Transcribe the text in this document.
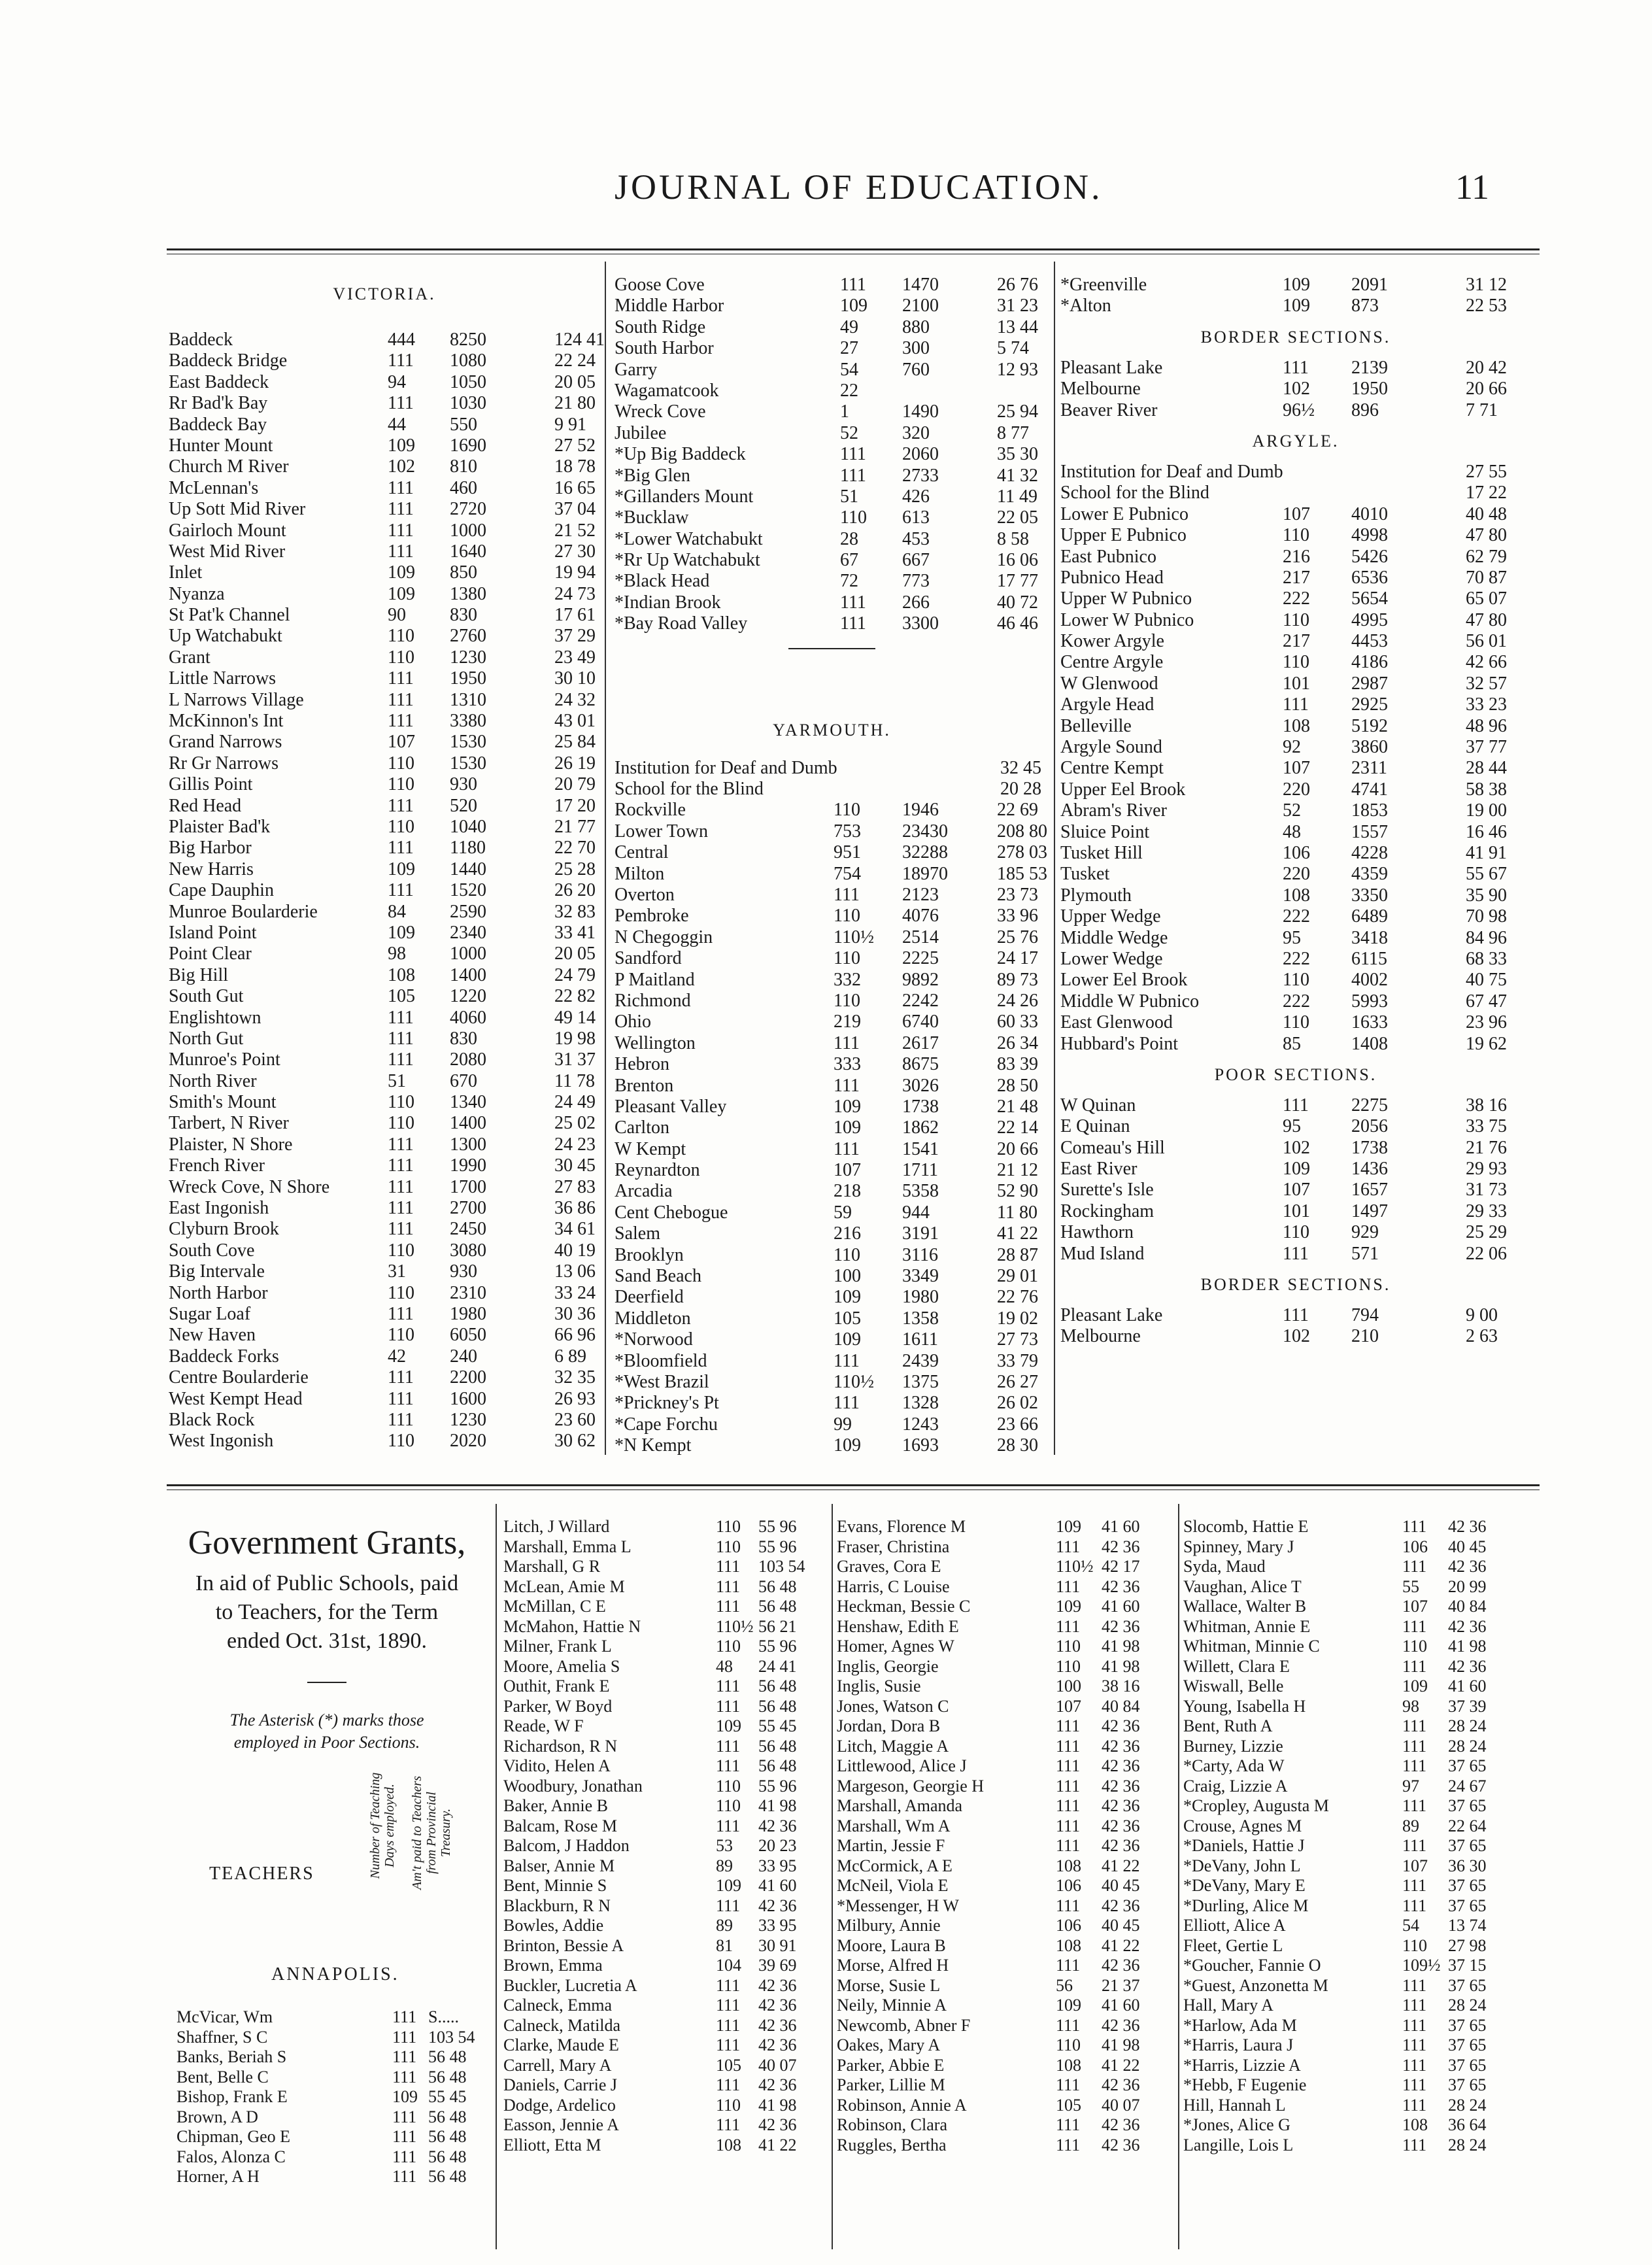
JOURNAL OF EDUCATION.	11
VICTORIA.
Baddeck	444 8250	124 41
Baddeck Bridge	111 1080	22 24
East Baddeck	94 1050	20 05
Rr Bad'k Bay	111 1030	21 80
Baddeck Bay	44 550	9 91
Hunter Mount	109 1690	27 52
Church M River	102 810	18 78
McLennan's	111 460	16 65
Up Sott Mid River	111 2720	37 04
Gairloch Mount	111 1000	21 52
West Mid River	111 1640	27 30
Inlet	109 850	19 94
Nyanza	109 1380	24 73
St Pat'k Channel	90 830	17 61
Up Watchabukt	110 2760	37 29
Grant	110 1230	23 49
Little Narrows	111 1950	30 10
L Narrows Village	111 1310	24 32
McKinnon's Int	111 3380	43 01
Grand Narrows	107 1530	25 84
Rr Gr Narrows	110 1530	26 19
Gillis Point	110 930	20 79
Red Head	111 520	17 20
Plaister Bad'k	110 1040	21 77
Big Harbor	111 1180	22 70
New Harris	109 1440	25 28
Cape Dauphin	111 1520	26 20
Munroe Boularderie	84 2590	32 83
Island Point	109 2340	33 41
Point Clear	98 1000	20 05
Big Hill	108 1400	24 79
South Gut	105 1220	22 82
Englishtown	111 4060	49 14
North Gut	111 830	19 98
Munroe's Point	111 2080	31 37
North River	51 670	11 78
Smith's Mount	110 1340	24 49
Tarbert, N River	110 1400	25 02
Plaister, N Shore	111 1300	24 23
French River	111 1990	30 45
Wreck Cove, N Shore	111 1700	27 83
East Ingonish	111 2700	36 86
Clyburn Brook	111 2450	34 61
South Cove	110 3080	40 19
Big Intervale	31 930	13 06
North Harbor	110 2310	33 24
Sugar Loaf	111 1980	30 36
New Haven	110 6050	66 96
Baddeck Forks	42 240	6 89
Centre Boularderie	111 2200	32 35
West Kempt Head	111 1600	26 93
Black Rock	111 1230	23 60
West Ingonish	110 2020	30 62
Goose Cove	111 1470	26 76
Middle Harbor	109 2100	31 23
South Ridge	49 880	13 44
South Harbor	27 300	5 74
Garry	54 760	12 93
Wagamatcook	22
Wreck Cove	1	1490	25 94
Jubilee	52 320	8 77
*Up Big Baddeck	111 2060	35 30
*Big Glen	111 2733	41 32
*Gillanders Mount	51 426	11 49
*Bucklaw	110 613	22 05
*Lower Watchabukt	28 453	8 58
*Rr Up Watchabukt	67 667	16 06
*Black Head	72 773	17 77
*Indian Brook	111 266	40 72
*Bay Road Valley	111 3300	46 46
YARMOUTH.
Institution for Deaf and Dumb	32 45
School for the Blind	20 28
Rockville	110 1946	22 69
Lower Town	753 23430	208 80
Central	951 32288	278 03
Milton	754 18970	185 53
Overton	111 2123	23 73
Pembroke	110 4076	33 96
N Chegoggin	110½ 2514	25 76
Sandford	110 2225	24 17
P Maitland	332 9892	89 73
Richmond	110 2242	24 26
Ohio	219 6740	60 33
Wellington	111 2617	26 34
Hebron	333 8675	83 39
Brenton	111 3026	28 50
Pleasant Valley	109 1738	21 48
Carlton	109 1862	22 14
W Kempt	111 1541	20 66
Reynardton	107 1711	21 12
Arcadia	218 5358	52 90
Cent Chebogue	59	944	11 80
Salem	216 3191	41 22
Brooklyn	110 3116	28 87
Sand Beach	100 3349	29 01
Deerfield	109 1980	22 76
Middleton	105 1358	19 02
*Norwood	109 1611	27 73
*Bloomfield	111 2439	33 79
*West Brazil	110½ 1375	26 27
*Prickney's Pt	111 1328	26 02
*Cape Forchu	99	1243	23 66
*N Kempt	109 1693	28 30
*Greenville	109 2091	31 12
*Alton	109 873	22 53
BORDER SECTIONS.
Pleasant Lake	111 2139	20 42
Melbourne	102 1950	20 66
Beaver River	96½ 896	7 71
ARGYLE.
Institution for Deaf and Dumb	27 55
School for the Blind	17 22
Lower E Pubnico	107 4010	40 48
Upper E Pubnico	110 4998	47 80
East Pubnico	216 5426	62 79
Pubnico Head	217 6536	70 87
Upper W Pubnico	222 5654	65 07
Lower W Pubnico	110 4995	47 80
Kower Argyle	217 4453	56 01
Centre Argyle	110 4186	42 66
W Glenwood	101 2987	32 57
Argyle Head	111 2925	33 23
Belleville	108 5192	48 96
Argyle Sound	92	3860	37 77
Centre Kempt	107 2311	28 44
Upper Eel Brook	220 4741	58 38
Abram's River	52	1853	19 00
Sluice Point	48	1557	16 46
Tusket Hill	106 4228	41 91
Tusket	220 4359	55 67
Plymouth	108 3350	35 90
Upper Wedge	222 6489	70 98
Middle Wedge	95	3418	84 96
Lower Wedge	222 6115	68 33
Lower Eel Brook	110 4002	40 75
Middle W Pubnico	222 5993	67 47
East Glenwood	110 1633	23 96
Hubbard's Point	85	1408	19 62
POOR SECTIONS.
W Quinan	111 2275	38 16
E Quinan	95	2056	33 75
Comeau's Hill	102 1738	21 76
East River	109 1436	29 93
Surette's Isle	107 1657	31 73
Rockingham	101 1497	29 33
Hawthorn	110 929	25 29
Mud Island	111 571	22 06
BORDER SECTIONS.
Pleasant Lake	111 794	9 00
Melbourne	102 210	2 63
Government Grants,
In aid of Public Schools, paid
to Teachers, for the Term
ended Oct. 31st, 1890.
The Asterisk (*) marks those
employed in Poor Sections.
TEACHERS	Number of Teaching Days employed. Am't paid to Teachers from Provincial Treasury.
ANNAPOLIS.
McVicar, Wm	111 S.....
Shaffner, S C	111 103 54
Banks, Beriah S	111 56 48
Bent, Belle C	111 56 48
Bishop, Frank E	109 55 45
Brown, A D	111 56 48
Chipman, Geo E	111 56 48
Falos, Alonza C	111 56 48
Horner, A H	111 56 48
Litch, J Willard	110 55 96
Marshall, Emma L	110 55 96
Marshall, G R	111 103 54
McLean, Amie M	111 56 48
McMillan, C E	111 56 48
McMahon, Hattie N	110½ 56 21
Milner, Frank L	110 55 96
Moore, Amelia S	48 24 41
Outhit, Frank E	111 56 48
Parker, W Boyd	111 56 48
Reade, W F	109 55 45
Richardson, R N	111 56 48
Vidito, Helen A	111 56 48
Woodbury, Jonathan	110 55 96
Baker, Annie B	110 41 98
Balcam, Rose M	111 42 36
Balcom, J Haddon	53 20 23
Balser, Annie M	89 33 95
Bent, Minnie S	109 41 60
Blackburn, R N	111 42 36
Bowles, Addie	89 33 95
Brinton, Bessie A	81 30 91
Brown, Emma	104 39 69
Buckler, Lucretia A	111 42 36
Calneck, Emma	111 42 36
Calneck, Matilda	111 42 36
Clarke, Maude E	111 42 36
Carrell, Mary A	105 40 07
Daniels, Carrie J	111 42 36
Dodge, Ardelico	110 41 98
Easson, Jennie A	111 42 36
Elliott, Etta M	108 41 22
Evans, Florence M	109 41 60
Fraser, Christina	111 42 36
Graves, Cora E	110½ 42 17
Harris, C Louise	111 42 36
Heckman, Bessie C	109 41 60
Henshaw, Edith E	111 42 36
Homer, Agnes W	110 41 98
Inglis, Georgie	110 41 98
Inglis, Susie	100 38 16
Jones, Watson C	107 40 84
Jordan, Dora B	111 42 36
Litch, Maggie A	111 42 36
Littlewood, Alice J	111 42 36
Margeson, Georgie H	111 42 36
Marshall, Amanda	111 42 36
Marshall, Wm A	111 42 36
Martin, Jessie F	111 42 36
McCormick, A E	108 41 22
McNeil, Viola E	106 40 45
*Messenger, H W	111 42 36
Milbury, Annie	106 40 45
Moore, Laura B	108 41 22
Morse, Alfred H	111 42 36
Morse, Susie L	56 21 37
Neily, Minnie A	109 41 60
Newcomb, Abner F	111 42 36
Oakes, Mary A	110 41 98
Parker, Abbie E	108 41 22
Parker, Lillie M	111 42 36
Robinson, Annie A	105 40 07
Robinson, Clara	111 42 36
Ruggles, Bertha	111 42 36
Slocomb, Hattie E	111 42 36
Spinney, Mary J	106 40 45
Syda, Maud	111 42 36
Vaughan, Alice T	55 20 99
Wallace, Walter B	107 40 84
Whitman, Annie E	111 42 36
Whitman, Minnie C	110 41 98
Willett, Clara E	111 42 36
Wiswall, Belle	109 41 60
Young, Isabella H	98 37 39
Bent, Ruth A	111 28 24
Burney, Lizzie	111 28 24
*Carty, Ada W	111 37 65
Craig, Lizzie A	97 24 67
*Cropley, Augusta M	111 37 65
Crouse, Agnes M	89 22 64
*Daniels, Hattie J	111 37 65
*DeVany, John L	107 36 30
*DeVany, Mary E	111 37 65
*Durling, Alice M	111 37 65
Elliott, Alice A	54 13 74
Fleet, Gertie L	110 27 98
*Goucher, Fannie O	109½ 37 15
*Guest, Anzonetta M	111 37 65
Hall, Mary A	111 28 24
*Harlow, Ada M	111 37 65
*Harris, Laura J	111 37 65
*Harris, Lizzie A	111 37 65
*Hebb, F Eugenie	111 37 65
Hill, Hannah L	111 28 24
*Jones, Alice G	108 36 64
Langille, Lois L	111 28 24
